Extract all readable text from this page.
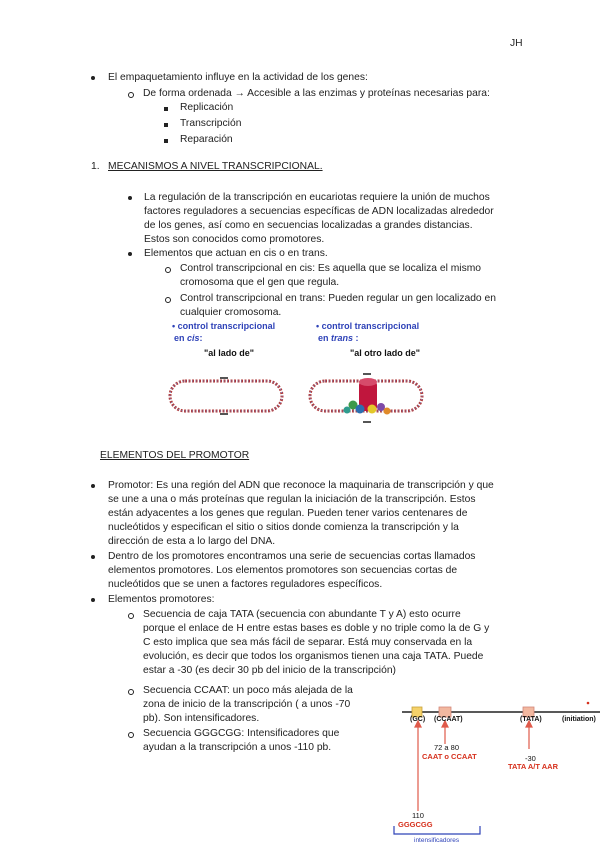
JH
El empaquetamiento influye en la actividad de los genes:
De forma ordenada → Accesible a las enzimas y proteínas necesarias para:
Replicación
Transcripción
Reparación
1. MECANISMOS A NIVEL TRANSCRIPCIONAL.
La regulación de la transcripción en eucariotas requiere la unión de muchos
factores reguladores a secuencias específicas de ADN localizadas alrededor
de los genes, así como en secuencias localizadas a grandes distancias.
Estos son conocidos como promotores.
Elementos que actuan en cis o en trans.
Control transcripcional en cis: Es aquella que se localiza el mismo
cromosoma que el gen que regula.
Control transcripcional en trans: Pueden regular un gen localizado en
cualquier cromosoma.
• control transcripcional
en cis:
• control transcripcional
en trans :
"al lado de"	"al otro lado de"
ELEMENTOS DEL PROMOTOR
Promotor: Es una región del ADN que reconoce la maquinaria de transcripción y que
se une a una o más proteínas que regulan la iniciación de la transcripción. Estos
están adyacentes a los genes que regulan. Pueden tener varios centenares de
nucleótidos y especifican el sitio o sitios donde comienza la transcripción y la
dirección de esta a lo largo del DNA.
Dentro de los promotores encontramos una serie de secuencias cortas llamados
elementos promotores. Los elementos promotores son secuencias cortas de
nucleótidos que se unen a factores reguladores específicos.
Elementos promotores:
Secuencia de caja TATA (secuencia con abundante T y A) esto ocurre
porque el enlace de H entre estas bases es doble y no triple como la de G y
C esto implica que sea más fácil de separar. Está muy conservada en la
evolución, es decir que todos los organismos tienen una caja TATA. Puede
estar a -30 (es decir 30 pb del inicio de la transcripción)
Secuencia CCAAT: un poco más alejada de la
zona de inicio de la transcripción ( a unos -70
pb). Son intensificadores.
Secuencia GGGCGG: Intensificadores que
ayudan a la transcripción a unos -110 pb.
(GC) (CCAAT)	(TATA)	(initiation)
72 a 80
CAAT o CCAAT	-30
TATA A/T AAR
110
GGGCGG
intensificadores
